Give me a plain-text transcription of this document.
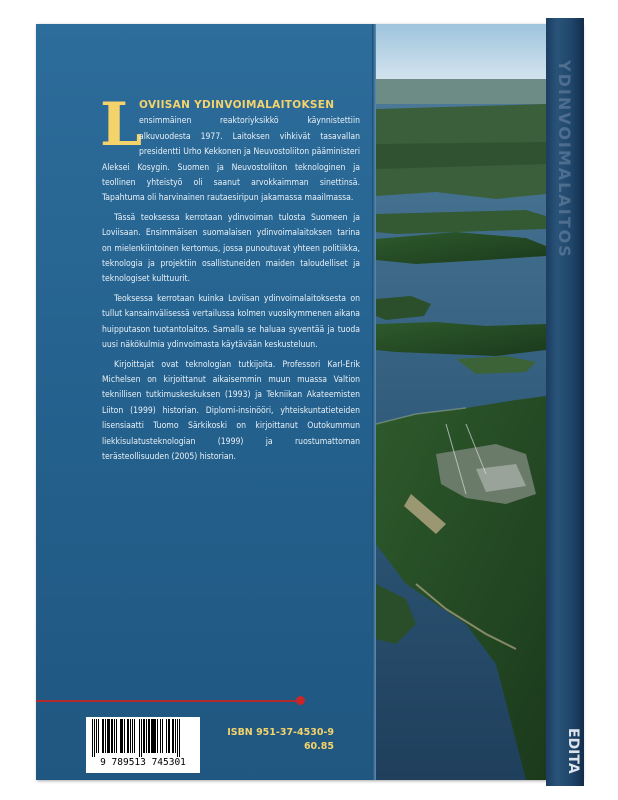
YDINVOIMALAITOS
EDITA
L

OVIISAN YDINVOIMALAITOKSEN
ensimmäinen reaktoriyksikkö käynnistettiin alkuvuodesta 1977. Laitoksen vihkivät tasavallan presidentti Urho Kekkonen ja Neuvostoliiton pääministeri Aleksei Kosygin. Suomen ja Neuvostoliiton teknologinen ja teollinen yhteistyö oli saanut arvokkaimman sinettinsä. Tapahtuma oli harvinainen rautaesiripun jakamassa maailmassa.

Tässä teoksessa kerrotaan ydinvoiman tulosta Suomeen ja Loviisaan. Ensimmäisen suomalaisen ydinvoimalaitoksen tarina on mielenkiintoinen kertomus, jossa punoutuvat yhteen politiikka, teknologia ja projektiin osallistuneiden maiden taloudelliset ja teknologiset kulttuurit.

Teoksessa kerrotaan kuinka Loviisan ydinvoimalaitoksesta on tullut kansainvälisessä vertailussa kolmen vuosikymmenen aikana huipputason tuotantolaitos. Samalla se haluaa syventää ja tuoda uusi näkökulmia ydinvoimasta käytävään keskusteluun.

Kirjoittajat ovat teknologian tutkijoita. Professori Karl-Erik Michelsen on kirjoittanut aikaisemmin muun muassa Valtion teknillisen tutkimuskeskuksen (1993) ja Tekniikan Akateemisten Liiton (1999) historian. Diplomi-insinööri, yhteiskuntatieteiden lisensiaatti Tuomo Särkikoski on kirjoittanut Outokummun liekkisulatusteknologian (1999) ja ruostumattoman terästeollisuuden (2005) historian.

9 789513 745301
ISBN 951-37-4530-9
60.85
